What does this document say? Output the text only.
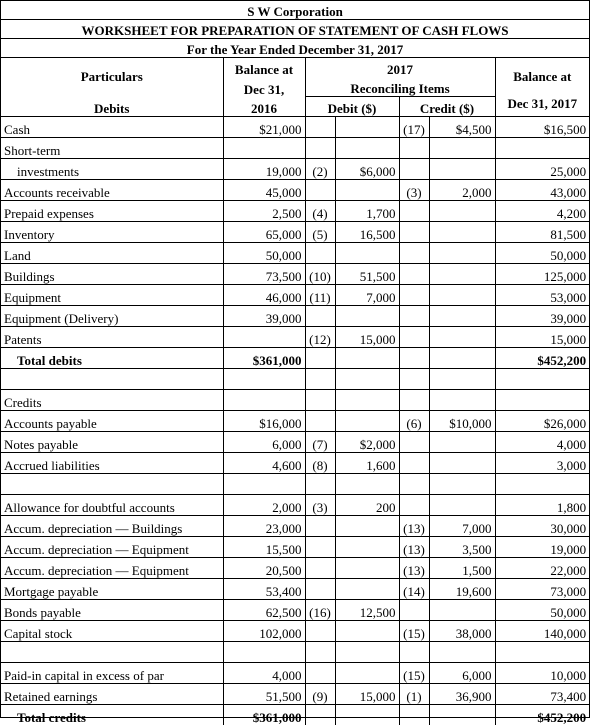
S W Corporation						
WORKSHEET FOR PREPARATION OF STATEMENT OF CASH FLOWS						
For the Year Ended December 31, 2017						
Particulars	Balance at	2017				Balance at
	Dec 31,	Reconciling Items				
Debits	2016	Debit ($)		Credit ($)		Dec 31, 2017
Cash	$21,000			(17)	$4,500	$16,500
Short-term						
investments	19,000	(2)	$6,000			25,000
Accounts receivable	45,000			(3)	2,000	43,000
Prepaid expenses	2,500	(4)	1,700			4,200
Inventory	65,000	(5)	16,500			81,500
Land	50,000					50,000
Buildings	73,500	(10)	51,500			125,000
Equipment	46,000	(11)	7,000			53,000
Equipment (Delivery)	39,000					39,000
Patents		(12)	15,000			15,000
Total debits	$361,000					$452,200

Credits						
Accounts payable	$16,000			(6)	$10,000	$26,000
Notes payable	6,000	(7)	$2,000			4,000
Accrued liabilities	4,600	(8)	1,600			3,000

Allowance for doubtful accounts	2,000	(3)	200			1,800
Accum. depreciation — Buildings	23,000			(13)	7,000	30,000
Accum. depreciation — Equipment	15,500			(13)	3,500	19,000
Accum. depreciation — Equipment	20,500			(13)	1,500	22,000
Mortgage payable	53,400			(14)	19,600	73,000
Bonds payable	62,500	(16)	12,500			50,000
Capital stock	102,000			(15)	38,000	140,000

Paid-in capital in excess of par	4,000			(15)	6,000	10,000
Retained earnings	51,500	(9)	15,000	(1)	36,900	73,400
Total credits	$361,000					$452,200
